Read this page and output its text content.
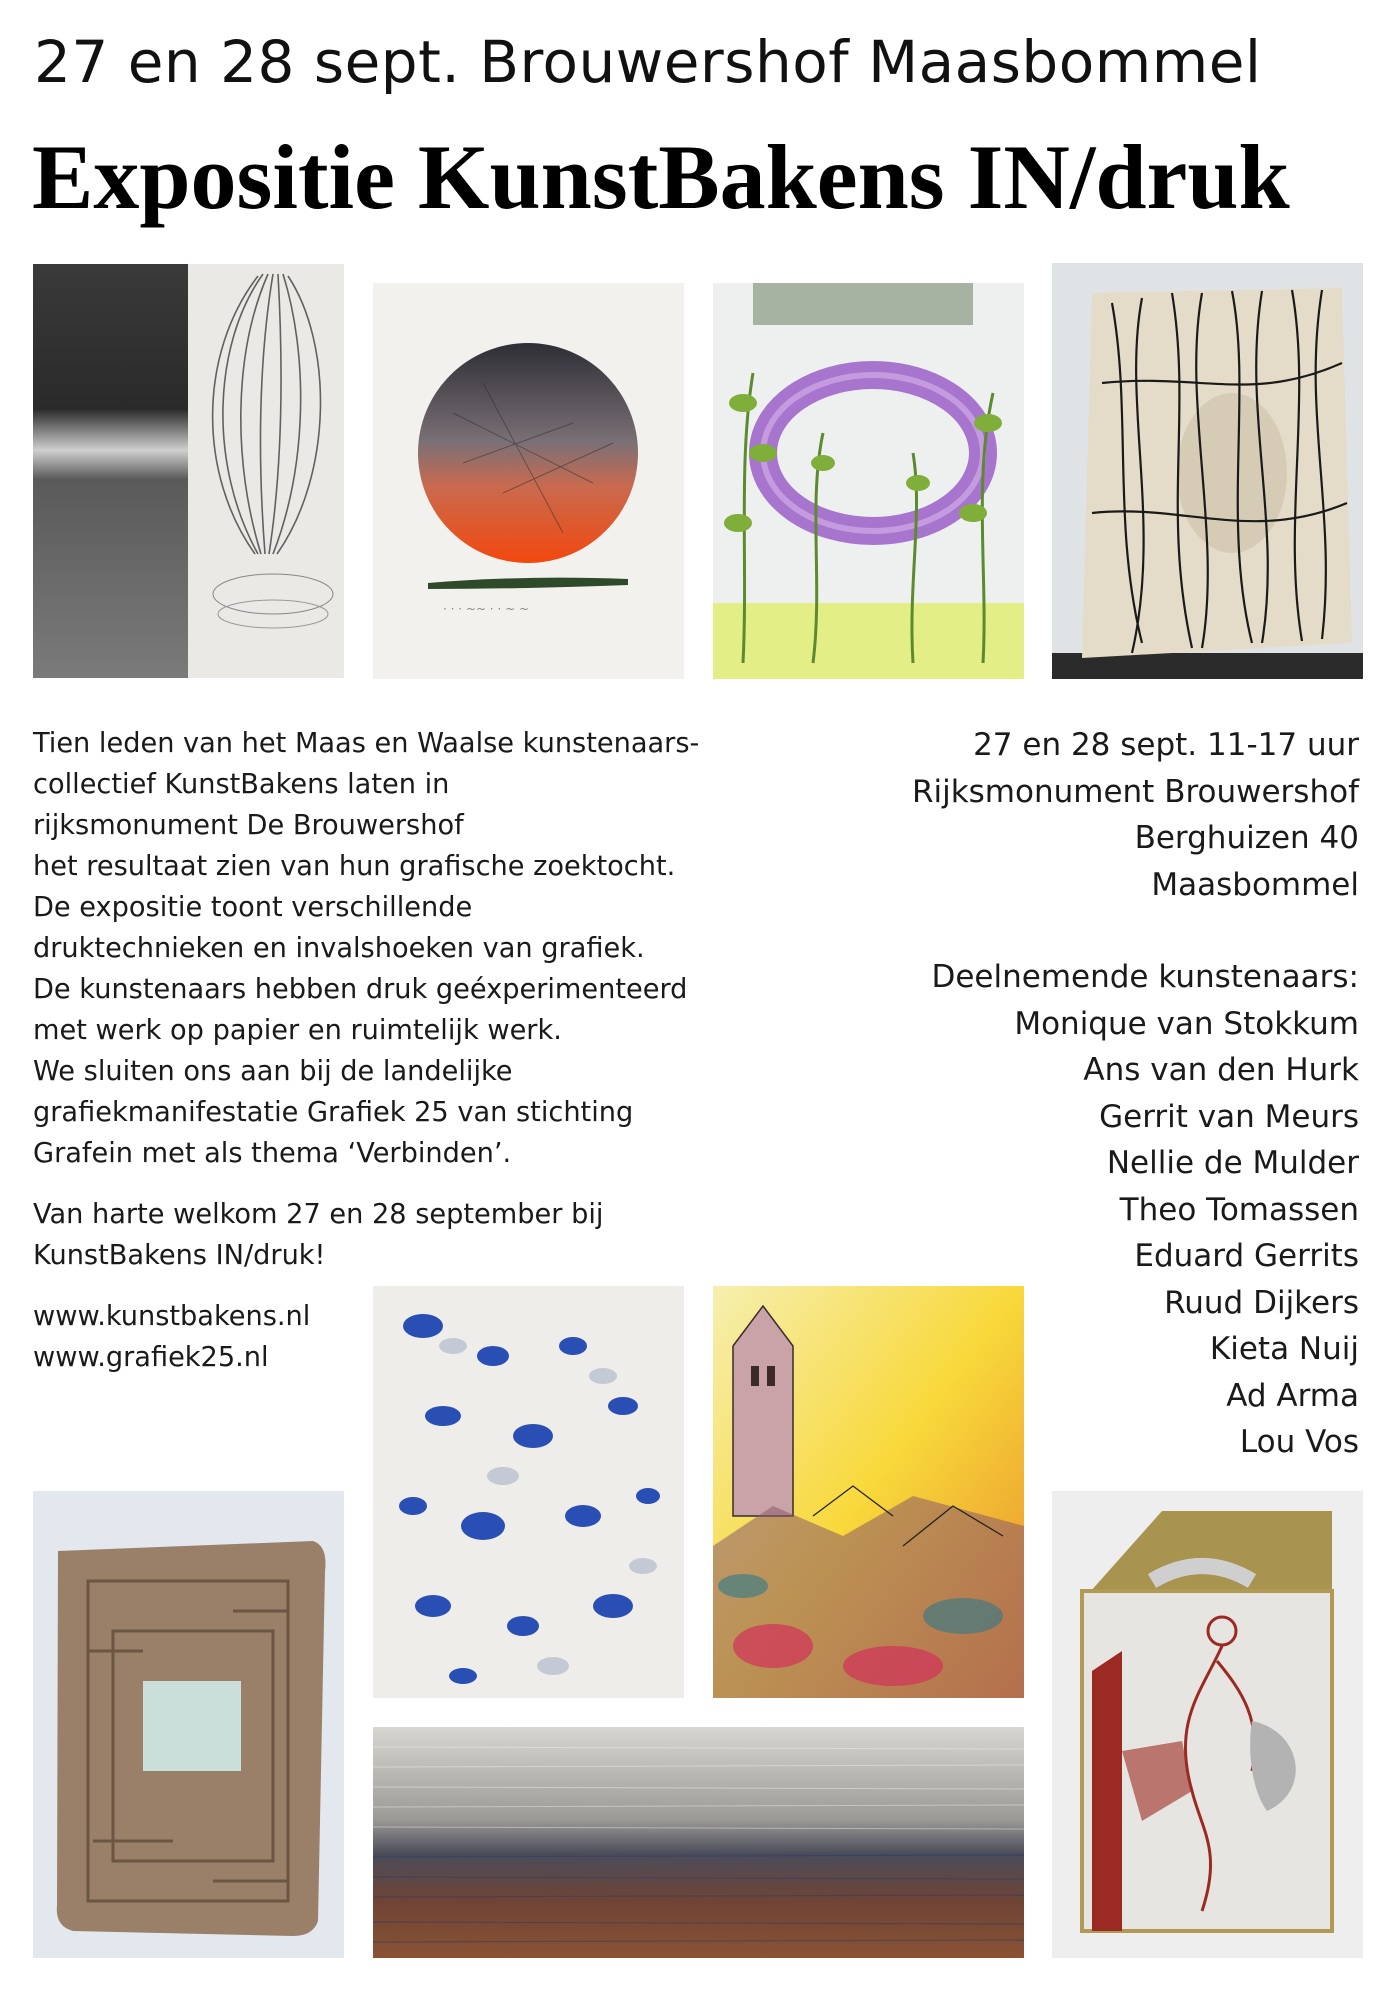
27 en 28 sept. Brouwershof Maasbommel
Expositie KunstBakens IN/druk
· · · ~~ · · ~ ~

Tien leden van het Maas en Waalse kunstenaars-
collectief KunstBakens laten in
rijksmonument De Brouwershof
het resultaat zien van hun grafische zoektocht.
De expositie toont verschillende
druktechnieken en invalshoeken van grafiek.
De kunstenaars hebben druk geéxperimenteerd
met werk op papier en ruimtelijk werk.
We sluiten ons aan bij de landelijke
grafiekmanifestatie Grafiek 25 van stichting
Grafein met als thema ‘Verbinden’.

Van harte welkom 27 en 28 september bij
KunstBakens IN/druk!

www.kunstbakens.nl
www.grafiek25.nl

27 en 28 sept. 11-17 uur
Rijksmonument Brouwershof
Berghuizen 40
Maasbommel
Deelnemende kunstenaars:
Monique van Stokkum
Ans van den Hurk
Gerrit van Meurs
Nellie de Mulder
Theo Tomassen
Eduard Gerrits
Ruud Dijkers
Kieta Nuij
Ad Arma
Lou Vos
